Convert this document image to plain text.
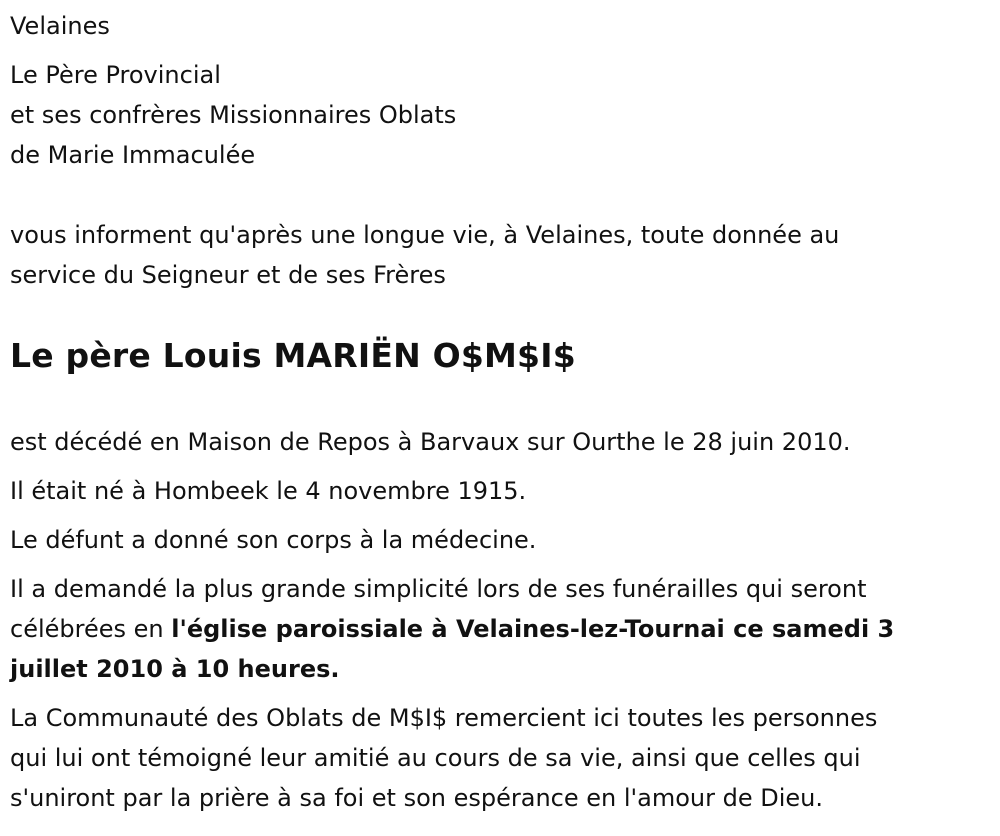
Velaines

Le Père Provincial

et ses confrères Missionnaires Oblats

de Marie Immaculée

vous informent qu'après une longue vie, à Velaines, toute donnée au

service du Seigneur et de ses Frères

Le père Louis MARIËN O$M$I$

est décédé en Maison de Repos à Barvaux sur Ourthe le 28 juin 2010.

Il était né à Hombeek le 4 novembre 1915.

Le défunt a donné son corps à la médecine.

Il a demandé la plus grande simplicité lors de ses funérailles qui seront

célébrées en l'église paroissiale à Velaines-lez-Tournai ce samedi 3

juillet 2010 à 10 heures.

La Communauté des Oblats de M$I$ remercient ici toutes les personnes

qui lui ont témoigné leur amitié au cours de sa vie, ainsi que celles qui

s'uniront par la prière à sa foi et son espérance en l'amour de Dieu.
